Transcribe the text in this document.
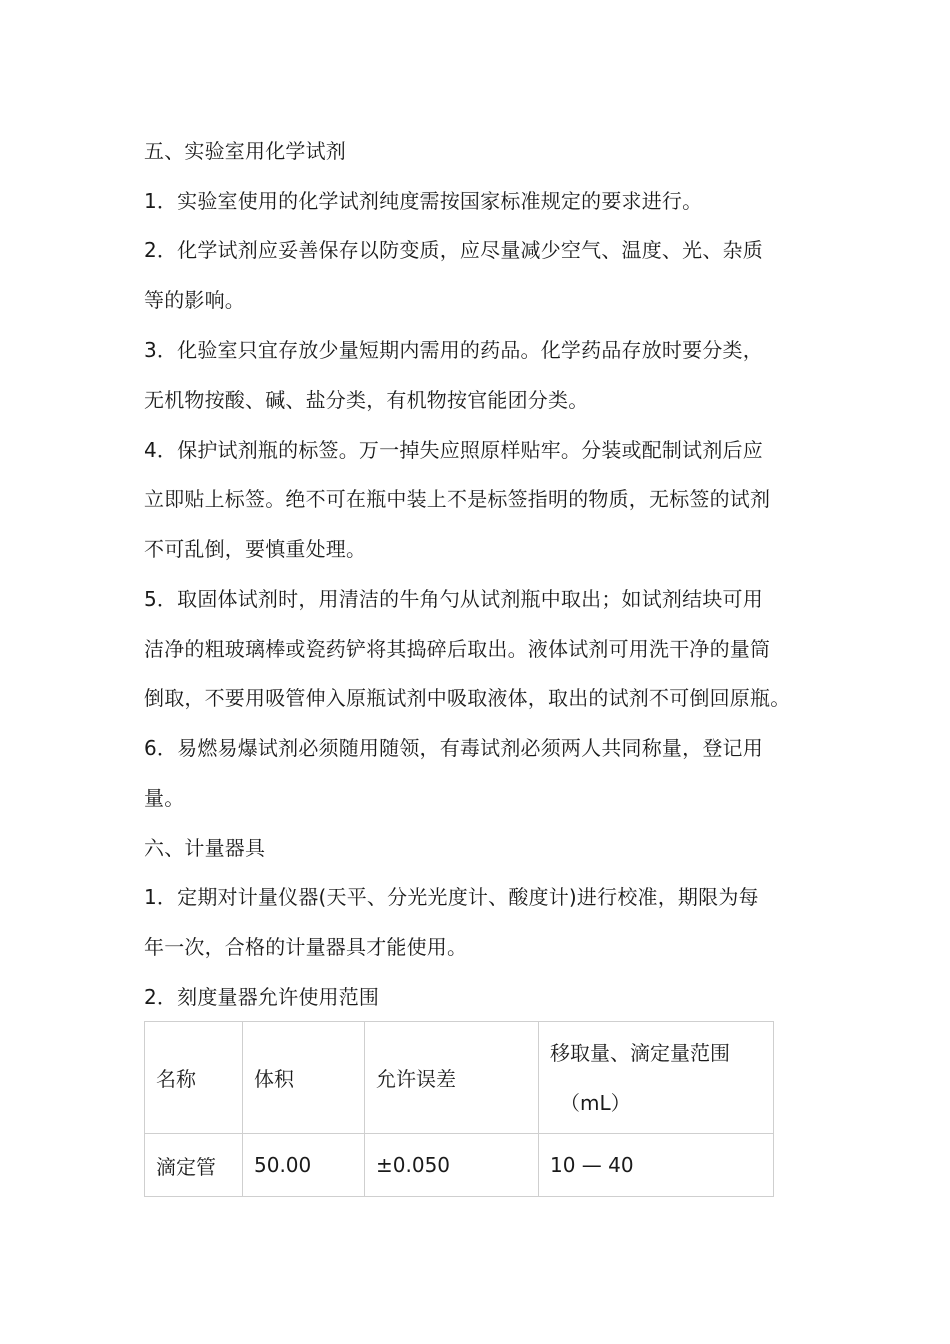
五、实验室用化学试剂
1．实验室使用的化学试剂纯度需按国家标准规定的要求进行。
2．化学试剂应妥善保存以防变质，应尽量减少空气、温度、光、杂质
等的影响。
3．化验室只宜存放少量短期内需用的药品。化学药品存放时要分类，
无机物按酸、碱、盐分类，有机物按官能团分类。
4．保护试剂瓶的标签。万一掉失应照原样贴牢。分装或配制试剂后应
立即贴上标签。绝不可在瓶中装上不是标签指明的物质，无标签的试剂
不可乱倒，要慎重处理。
5．取固体试剂时，用清洁的牛角勺从试剂瓶中取出；如试剂结块可用
洁净的粗玻璃棒或瓷药铲将其捣碎后取出。液体试剂可用洗干净的量筒
倒取，不要用吸管伸入原瓶试剂中吸取液体，取出的试剂不可倒回原瓶。
6．易燃易爆试剂必须随用随领，有毒试剂必须两人共同称量，登记用
量。
六、计量器具
1．定期对计量仪器(天平、分光光度计、酸度计)进行校准，期限为每
年一次，合格的计量器具才能使用。
2．刻度量器允许使用范围
名称	体积	允许误差	移取量、滴定量范围
（mL）

滴定管	50.00	±0.050	10 — 40
